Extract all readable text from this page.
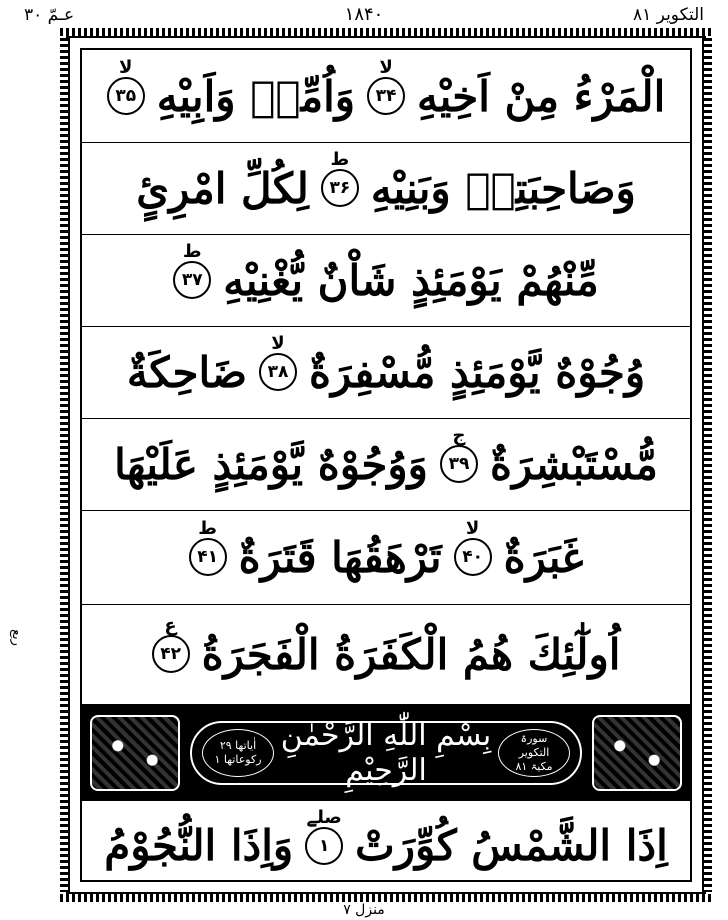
عـمّ ۳۰	۱۸۴۰	التکویر ۸۱
ربع
الْمَرْءُ مِنْ اَخِيْهِ
لا
۳۴
وَاُمِّهٖ وَاَبِيْهِ
لا
۳۵
وَصَاحِبَتِهٖ وَبَنِيْهِ
ط
۳۶
لِكُلِّ امْرِئٍ
مِّنْهُمْ يَوْمَئِذٍ شَاْنٌ يُّغْنِيْهِ
ط
۳۷
وُجُوْهٌ يَّوْمَئِذٍ مُّسْفِرَةٌ
لا
۳۸
ضَاحِكَةٌ
مُّسْتَبْشِرَةٌ
ج
۳۹
وَوُجُوْهٌ يَّوْمَئِذٍ عَلَيْهَا
غَبَرَةٌ
لا
۴۰
تَرْهَقُهَا قَتَرَةٌ
ط
۴۱
اُولٰٓئِكَ هُمُ الْكَفَرَةُ الْفَجَرَةُ
ع
۴۲
اٰیاتها ۲۹
رکوعاتها ۱
بِسْمِ اللّٰهِ الرَّحْمٰنِ الرَّحِيْمِ
سورۃ
التکویر
مکیۃ ۸۱
اِذَا الشَّمْسُ كُوِّرَتْ
صلے
۱
وَاِذَا النُّجُوْمُ
منزل ۷
